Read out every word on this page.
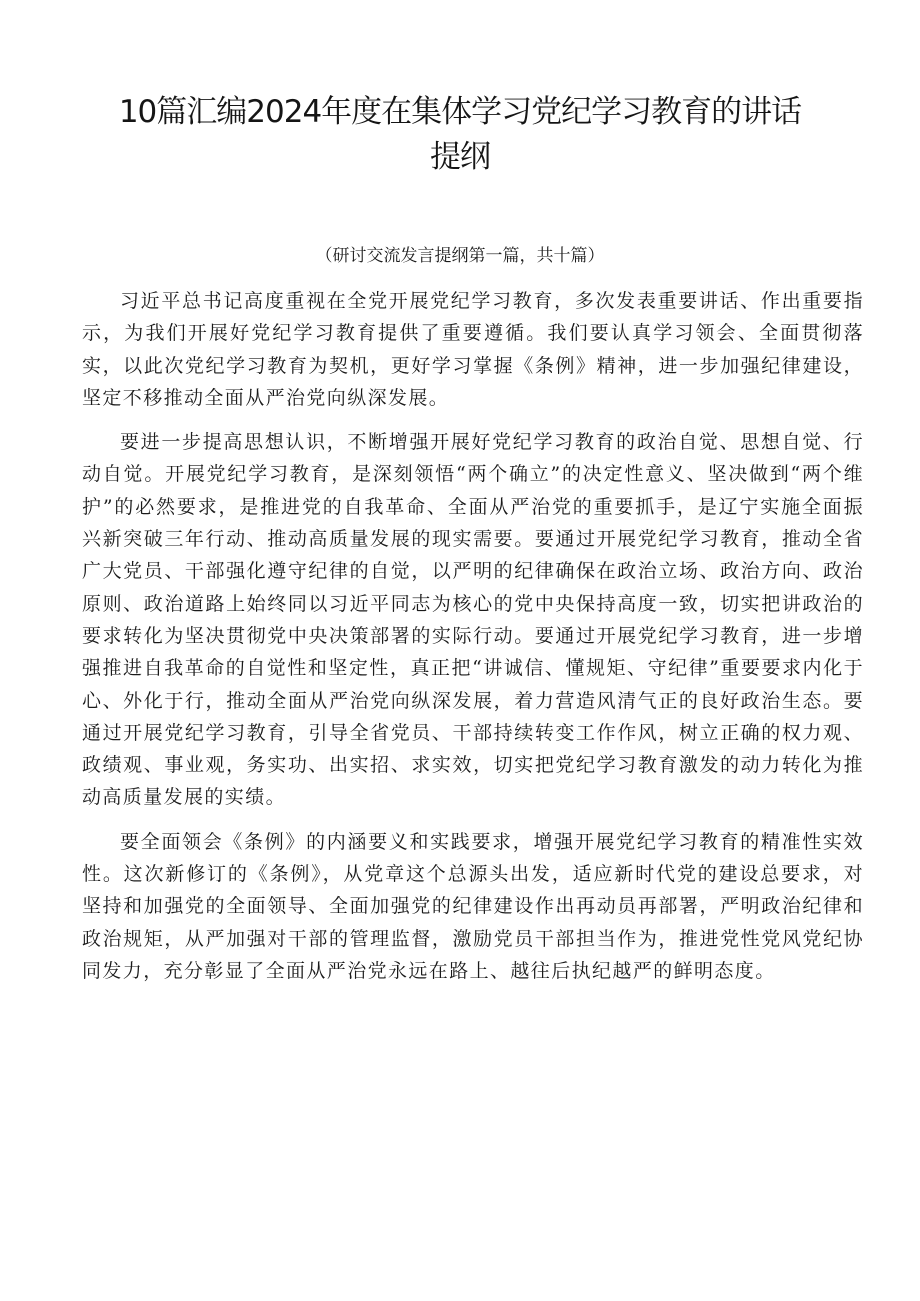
10篇汇编2024年度在集体学习党纪学习教育的讲话提纲
（研讨交流发言提纲第一篇，共十篇）

习近平总书记高度重视在全党开展党纪学习教育，多次发表重要讲话、作出重要指示，为我们开展好党纪学习教育提供了重要遵循。我们要认真学习领会、全面贯彻落实，以此次党纪学习教育为契机，更好学习掌握《条例》精神，进一步加强纪律建设，坚定不移推动全面从严治党向纵深发展。

要进一步提高思想认识，不断增强开展好党纪学习教育的政治自觉、思想自觉、行动自觉。开展党纪学习教育，是深刻领悟“两个确立”的决定性意义、坚决做到“两个维护”的必然要求，是推进党的自我革命、全面从严治党的重要抓手，是辽宁实施全面振兴新突破三年行动、推动高质量发展的现实需要。要通过开展党纪学习教育，推动全省广大党员、干部强化遵守纪律的自觉，以严明的纪律确保在政治立场、政治方向、政治原则、政治道路上始终同以习近平同志为核心的党中央保持高度一致，切实把讲政治的要求转化为坚决贯彻党中央决策部署的实际行动。要通过开展党纪学习教育，进一步增强推进自我革命的自觉性和坚定性，真正把“讲诚信、懂规矩、守纪律”重要要求内化于心、外化于行，推动全面从严治党向纵深发展，着力营造风清气正的良好政治生态。要通过开展党纪学习教育，引导全省党员、干部持续转变工作作风，树立正确的权力观、政绩观、事业观，务实功、出实招、求实效，切实把党纪学习教育激发的动力转化为推动高质量发展的实绩。

要全面领会《条例》的内涵要义和实践要求，增强开展党纪学习教育的精准性实效性。这次新修订的《条例》，从党章这个总源头出发，适应新时代党的建设总要求，对坚持和加强党的全面领导、全面加强党的纪律建设作出再动员再部署，严明政治纪律和政治规矩，从严加强对干部的管理监督，激励党员干部担当作为，推进党性党风党纪协同发力，充分彰显了全面从严治党永远在路上、越往后执纪越严的鲜明态度。
